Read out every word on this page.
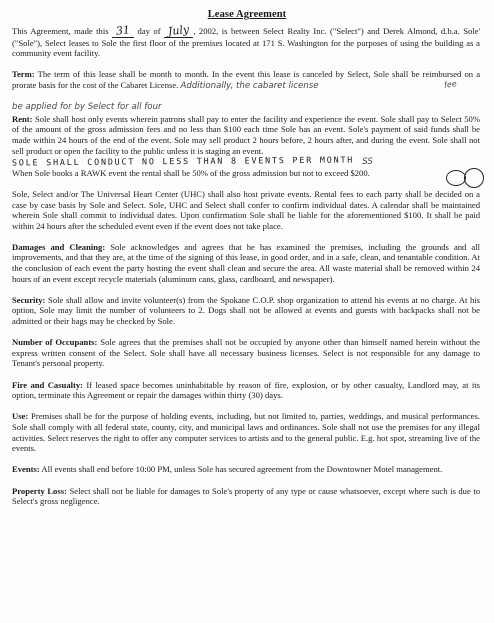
Lease Agreement
fee

This Agreement, made this 31 day of July , 2002, is between Select Realty Inc. ("Select") and Derek Almond, d.b.a. Sole' ("Sole"), Select leases to Sole the first floor of the premises located at 171 S. Washington for the purposes of using the building as a community event facility.

Term: The term of this lease shall be month to month. In the event this lease is canceled by Select, Sole shall be reimbursed on a prorate basis for the cost of the Cabaret License. Additionally, the cabaret license

be applied for by Select for all four
Rent: Sole shall host only events wherein patrons shall pay to enter the facility and experience the event. Sole shall pay to Select 50% of the amount of the gross admission fees and no less than $100 each time Sole has an event. Sole's payment of said funds shall be made within 24 hours of the end of the event. Sole may sell product 2 hours before, 2 hours after, and during the event. Sole shall not sell product or open the facility to the public unless it is staging an event.
SOLE SHALL CONDUCT NO LESS THAN 8 EVENTS PER MONTH SS
When Sole books a RAWK event the rental shall be 50% of the gross admission but not to exceed $200.

Sole, Select and/or The Universal Heart Center (UHC) shall also host private events. Rental fees to each party shall be decided on a case by case basis by Sole and Select. Sole, UHC and Select shall confer to confirm individual dates. A calendar shall be maintained wherein Sole shall commit to individual dates. Upon confirmation Sole shall be liable for the aforementioned $100. It shall be paid within 24 hours after the scheduled event even if the event does not take place.

Damages and Cleaning: Sole acknowledges and agrees that he has examined the premises, including the grounds and all improvements, and that they are, at the time of the signing of this lease, in good order, and in a safe, clean, and tenantable condition. At the conclusion of each event the party hosting the event shall clean and secure the area. All waste material shall be removed within 24 hours of an event except recycle materials (aluminum cans, glass, cardboard, and newspaper).

Security: Sole shall allow and invite volunteer(s) from the Spokane C.O.P. shop organization to attend his events at no charge. At his option, Sole may limit the number of volunteers to 2. Dogs shall not be allowed at events and guests with backpacks shall not be admitted or their bags may be checked by Sole.

Number of Occupants: Sole agrees that the premises shall not be occupied by anyone other than himself named herein without the express written consent of the Select. Sole shall have all necessary business licenses. Select is not responsible for any damage to Tenant's personal property.

Fire and Casualty: If leased space becomes uninhabitable by reason of fire, explosion, or by other casualty, Landlord may, at its option, terminate this Agreement or repair the damages within thirty (30) days.

Use: Premises shall be for the purpose of holding events, including, but not limited to, parties, weddings, and musical performances. Sole shall comply with all federal state, county, city, and municipal laws and ordinances. Sole shall not use the premises for any illegal activities. Select reserves the right to offer any computer services to artists and to the general public. E.g. hot spot, streaming live of the events.

Events: All events shall end before 10:00 PM, unless Sole has secured agreement from the Downtowner Motel management.

Property Loss: Select shall not be liable for damages to Sole's property of any type or cause whatsoever, except where such is due to Select's gross negligence.
